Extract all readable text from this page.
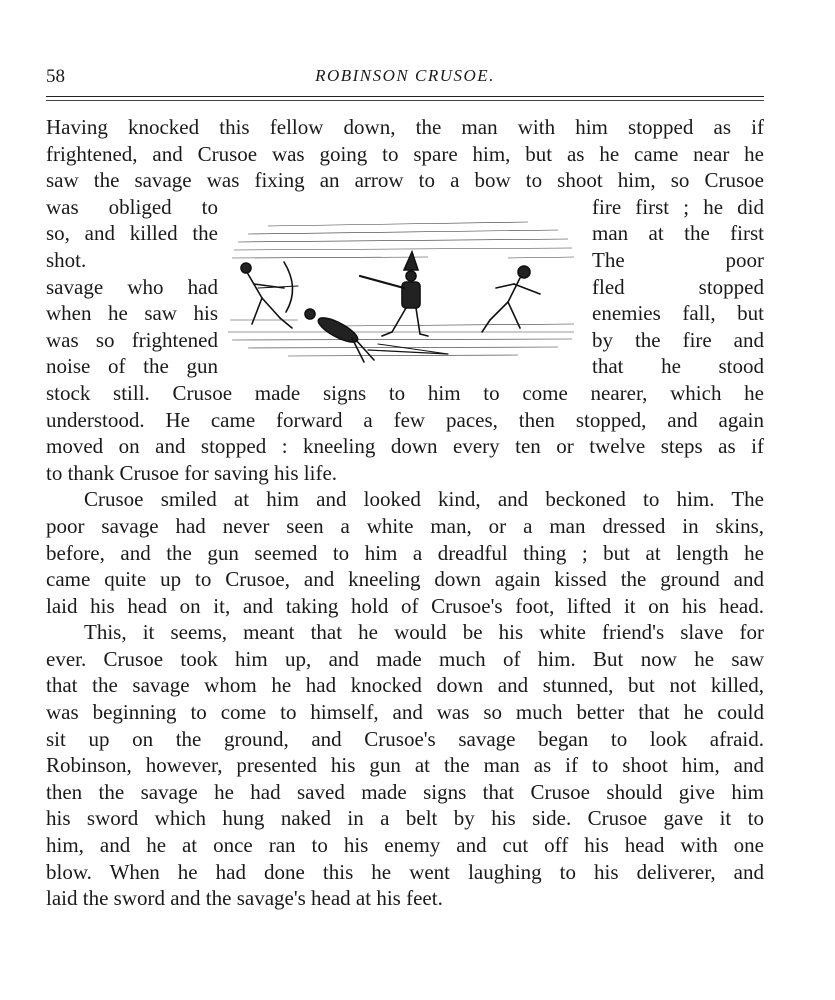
58	ROBINSON CRUSOE.
Having knocked this fellow down, the man with him stopped as if
frightened, and Crusoe was going to spare him, but as he came near he
saw the savage was fixing an arrow to a bow to shoot him, so Crusoe
was obliged to	fire first ; he did
so, and killed the	man at the first
shot.	The poor
savage who had	fled stopped
when he saw his	enemies fall, but
was so frightened	by the fire and
noise of the gun	that he stood
stock still. Crusoe made signs to him to come nearer, which he
understood. He came forward a few paces, then stopped, and again
moved on and stopped : kneeling down every ten or twelve steps as if
to thank Crusoe for saving his life.
Crusoe smiled at him and looked kind, and beckoned to him. The
poor savage had never seen a white man, or a man dressed in skins,
before, and the gun seemed to him a dreadful thing ; but at length he
came quite up to Crusoe, and kneeling down again kissed the ground and
laid his head on it, and taking hold of Crusoe's foot, lifted it on his head.
This, it seems, meant that he would be his white friend's slave for
ever. Crusoe took him up, and made much of him. But now he saw
that the savage whom he had knocked down and stunned, but not killed,
was beginning to come to himself, and was so much better that he could
sit up on the ground, and Crusoe's savage began to look afraid.
Robinson, however, presented his gun at the man as if to shoot him, and
then the savage he had saved made signs that Crusoe should give him
his sword which hung naked in a belt by his side. Crusoe gave it to
him, and he at once ran to his enemy and cut off his head with one
blow. When he had done this he went laughing to his deliverer, and
laid the sword and the savage's head at his feet.
